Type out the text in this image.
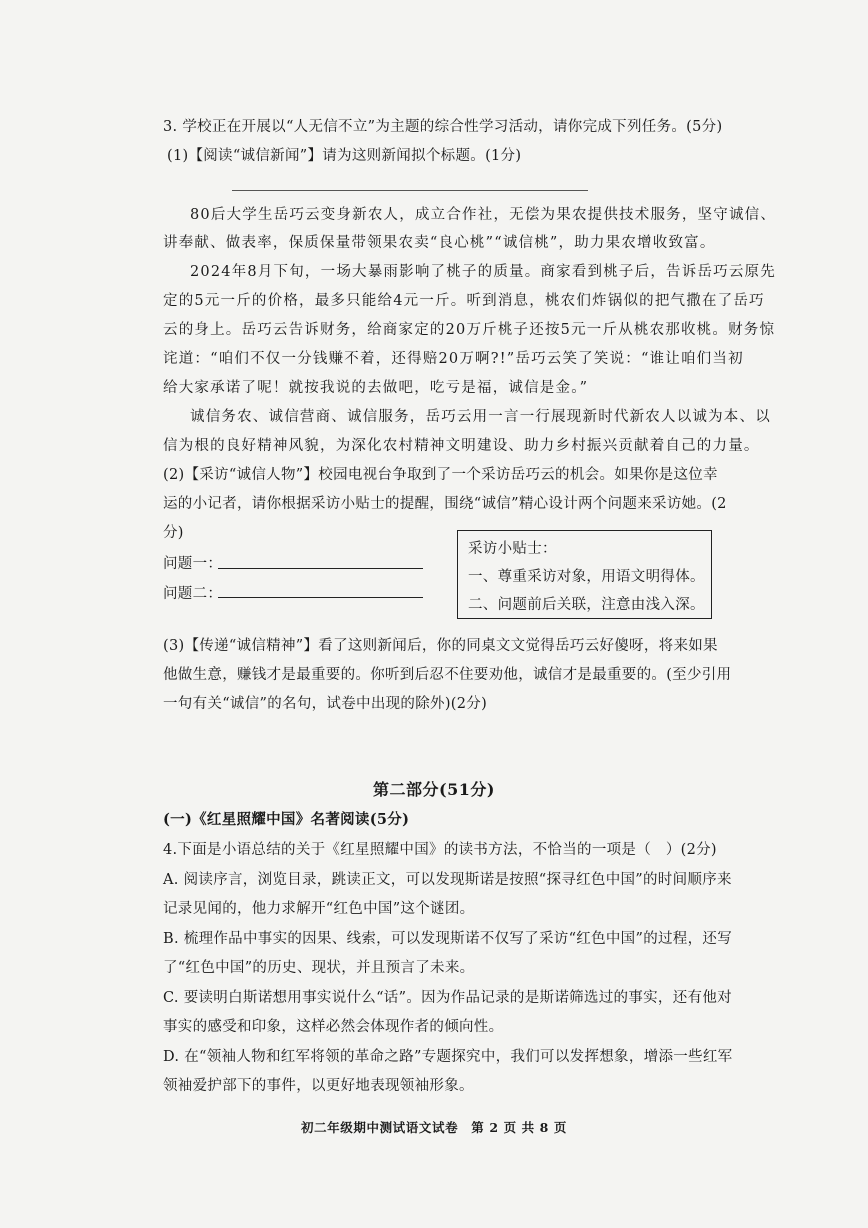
3. 学校正在开展以“人无信不立”为主题的综合性学习活动，请你完成下列任务。(5分)
(1)【阅读“诚信新闻”】请为这则新闻拟个标题。(1分)
80后大学生岳巧云变身新农人，成立合作社，无偿为果农提供技术服务，坚守诚信、
讲奉献、做表率，保质保量带领果农卖“良心桃”“诚信桃”，助力果农增收致富。
2024年8月下旬，一场大暴雨影响了桃子的质量。商家看到桃子后，告诉岳巧云原先
定的5元一斤的价格，最多只能给4元一斤。听到消息，桃农们炸锅似的把气撒在了岳巧
云的身上。岳巧云告诉财务，给商家定的20万斤桃子还按5元一斤从桃农那收桃。财务惊
诧道：“咱们不仅一分钱赚不着，还得赔20万啊?!”岳巧云笑了笑说：“谁让咱们当初
给大家承诺了呢！就按我说的去做吧，吃亏是福，诚信是金。”
诚信务农、诚信营商、诚信服务，岳巧云用一言一行展现新时代新农人以诚为本、以
信为根的良好精神风貌，为深化农村精神文明建设、助力乡村振兴贡献着自己的力量。
(2)【采访“诚信人物”】校园电视台争取到了一个采访岳巧云的机会。如果你是这位幸
运的小记者，请你根据采访小贴士的提醒，围绕“诚信”精心设计两个问题来采访她。(2
分)
问题一：
问题二：
采访小贴士：
一、尊重采访对象，用语文明得体。
二、问题前后关联，注意由浅入深。
(3)【传递“诚信精神”】看了这则新闻后，你的同桌文文觉得岳巧云好傻呀，将来如果
他做生意，赚钱才是最重要的。你听到后忍不住要劝他，诚信才是最重要的。(至少引用
一句有关“诚信”的名句，试卷中出现的除外)(2分)
第二部分(51分)
(一)《红星照耀中国》名著阅读(5分)
4.下面是小语总结的关于《红星照耀中国》的读书方法，不恰当的一项是（　）(2分)
A. 阅读序言，浏览目录，跳读正文，可以发现斯诺是按照“探寻红色中国”的时间顺序来
记录见闻的，他力求解开“红色中国”这个谜团。
B. 梳理作品中事实的因果、线索，可以发现斯诺不仅写了采访“红色中国”的过程，还写
了“红色中国”的历史、现状，并且预言了未来。
C. 要读明白斯诺想用事实说什么“话”。因为作品记录的是斯诺筛选过的事实，还有他对
事实的感受和印象，这样必然会体现作者的倾向性。
D. 在“领袖人物和红军将领的革命之路”专题探究中，我们可以发挥想象，增添一些红军
领袖爱护部下的事件，以更好地表现领袖形象。
初二年级期中测试语文试卷　第 2 页 共 8 页
